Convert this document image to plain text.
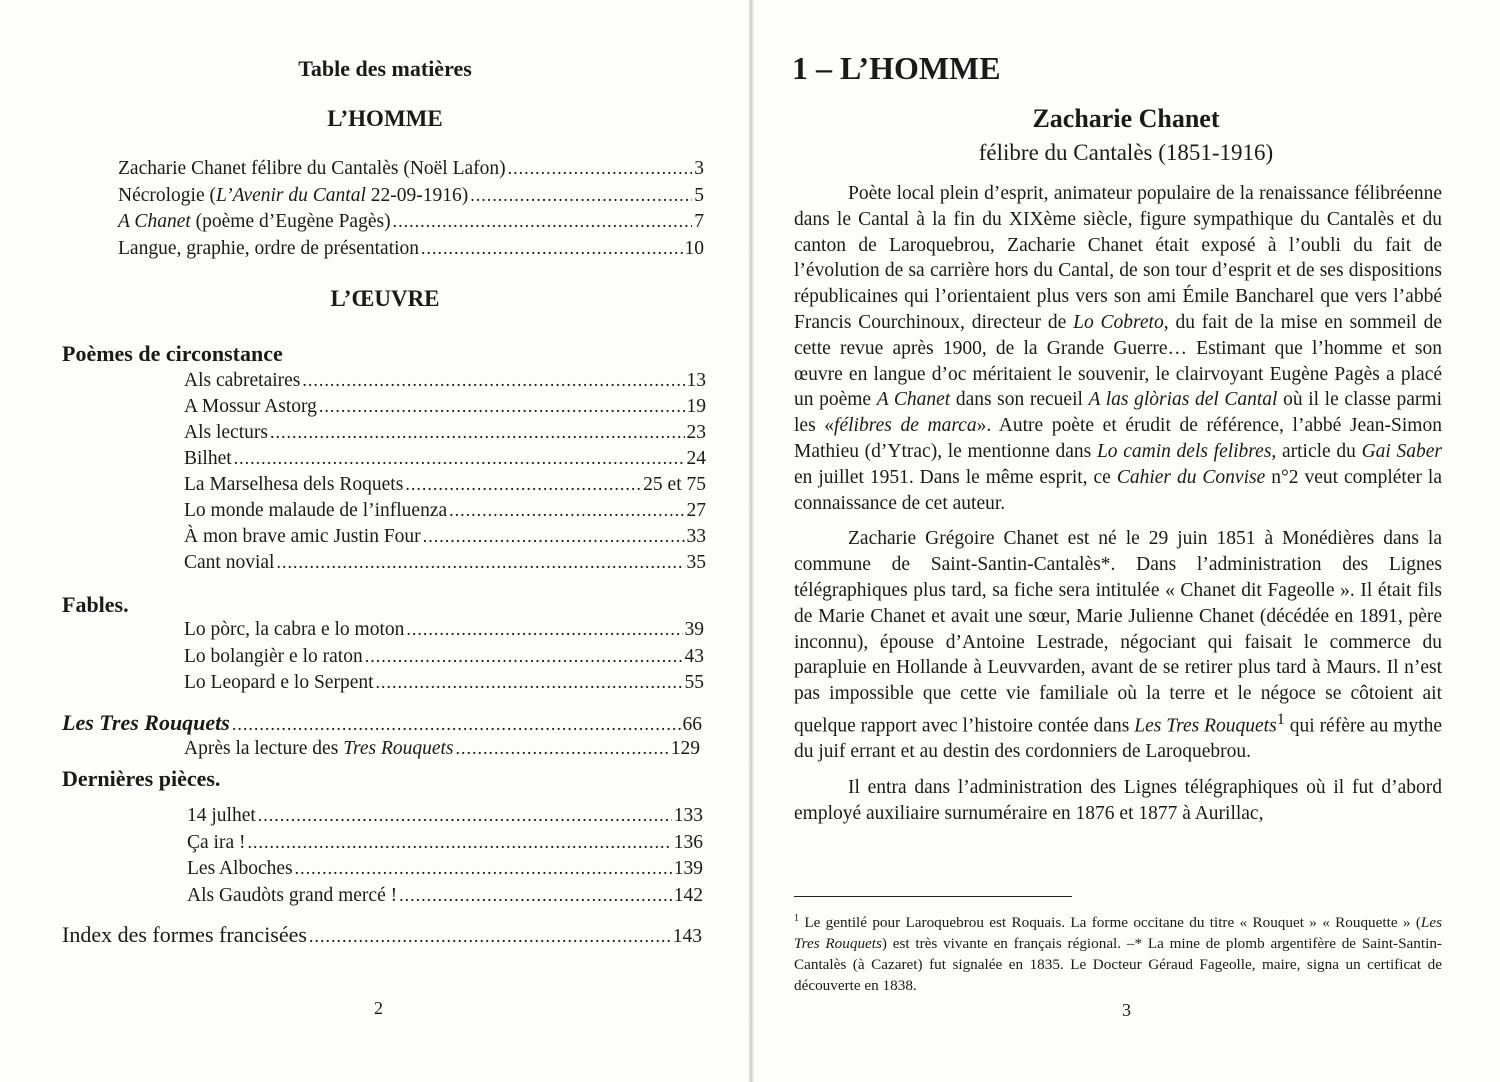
Table des matières
L’HOMME
Zacharie Chanet félibre du Cantalès (Noël Lafon) .....	3
Nécrologie (L’Avenir du Cantal 22-09-1916) .....	5
A Chanet (poème d’Eugène Pagès) .....	7
Langue, graphie, ordre de présentation .....	10
L’ŒUVRE
Poèmes de circonstance
Als cabretaires .....	13
A Mossur Astorg .....	19
Als lecturs .....	23
Bilhet .....	24
La Marselhesa dels Roquets .....	25 et 75
Lo monde malaude de l’influenza .....	27
À mon brave amic Justin Four .....	33
Cant novial .....	35
Fables.
Lo pòrc, la cabra e lo moton .....	39
Lo bolangièr e lo raton .....	43
Lo Leopard e lo Serpent .....	55
Les Tres Rouquets .....	66
Après la lecture des Tres Rouquets .....	129
Dernières pièces.
14 julhet .....	133
Ça ira ! .....	136
Les Alboches .....	139
Als Gaudòts grand mercé ! .....	142
Index des formes francisées .....	143
2
1 – L’HOMME
Zacharie Chanet
félibre du Cantalès (1851-1916)

Poète local plein d’esprit, animateur populaire de la renaissance félibréenne dans le Cantal à la fin du XIXème siècle, figure sympathique du Cantalès et du canton de Laroquebrou, Zacharie Chanet était exposé à l’oubli du fait de l’évolution de sa carrière hors du Cantal, de son tour d’esprit et de ses dispositions républicaines qui l’orientaient plus vers son ami Émile Bancharel que vers l’abbé Francis Courchinoux, directeur de Lo Cobreto, du fait de la mise en sommeil de cette revue après 1900, de la Grande Guerre… Estimant que l’homme et son œuvre en langue d’oc méritaient le souvenir, le clairvoyant Eugène Pagès a placé un poème A Chanet dans son recueil A las glòrias del Cantal où il le classe parmi les «félibres de marca». Autre poète et érudit de référence, l’abbé Jean-Simon Mathieu (d’Ytrac), le mentionne dans Lo camin dels felibres, article du Gai Saber en juillet 1951. Dans le même esprit, ce Cahier du Convise n°2 veut compléter la connaissance de cet auteur.

Zacharie Grégoire Chanet est né le 29 juin 1851 à Monédières dans la commune de Saint-Santin-Cantalès*. Dans l’administration des Lignes télégraphiques plus tard, sa fiche sera intitulée « Chanet dit Fageolle ». Il était fils de Marie Chanet et avait une sœur, Marie Julienne Chanet (décédée en 1891, père inconnu), épouse d’Antoine Lestrade, négociant qui faisait le commerce du parapluie en Hollande à Leuvvarden, avant de se retirer plus tard à Maurs. Il n’est pas impossible que cette vie familiale où la terre et le négoce se côtoient ait quelque rapport avec l’histoire contée dans Les Tres Rouquets$^1$ qui réfère au mythe du juif errant et au destin des cordonniers de Laroquebrou.

Il entra dans l’administration des Lignes télégraphiques où il fut d’abord employé auxiliaire surnuméraire en 1876 et 1877 à Aurillac,

$^1$ Le gentilé pour Laroquebrou est Roquais. La forme occitane du titre « Rouquet » « Rouquette » (Les Tres Rouquets) est très vivante en français régional. –* La mine de plomb argentifère de Saint-Santin-Cantalès (à Cazaret) fut signalée en 1835. Le Docteur Géraud Fageolle, maire, signa un certificat de découverte en 1838.
3
